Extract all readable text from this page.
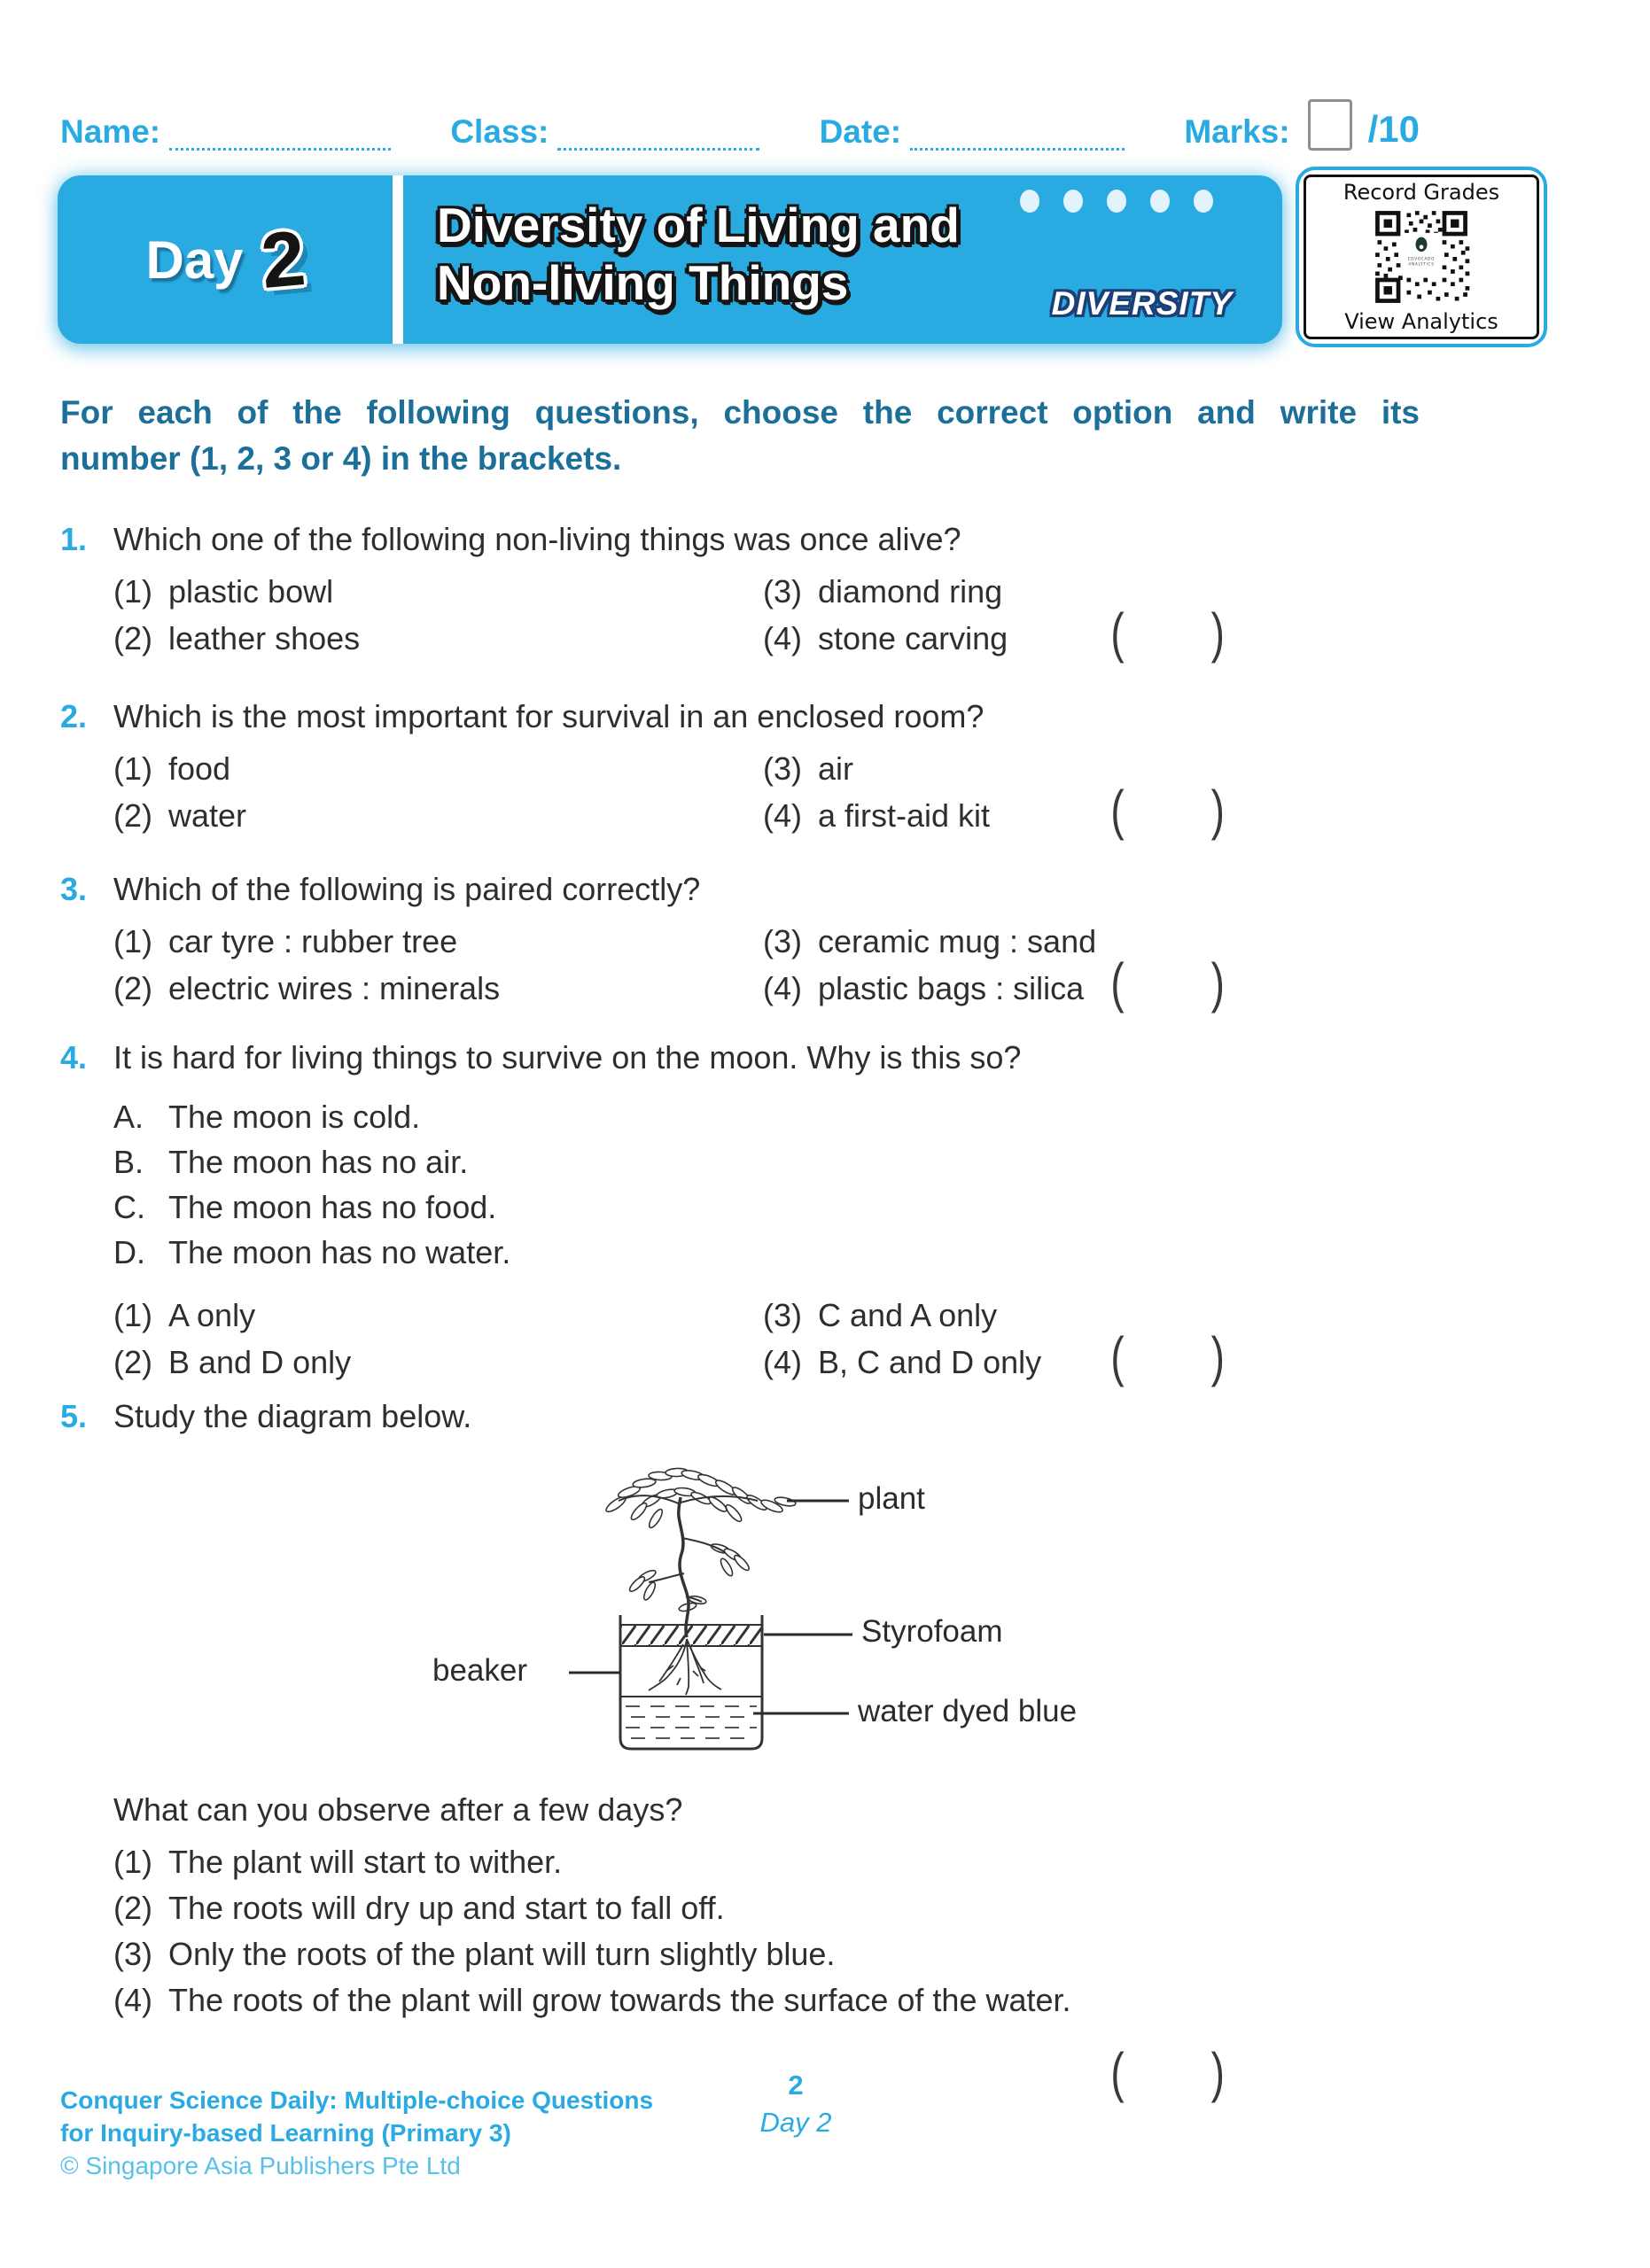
Name:	Class:	Date:	Marks: /10
Day 2	Diversity of Living and
Non-living Things	DIVERSITY
Record Grades
EDVOCADO
ANALYTICS
View Analytics
For each of the following questions, choose the correct option and write its
number (1, 2, 3 or 4) in the brackets.
1. Which one of the following non-living things was once alive?
(1) plastic bowl	(3) diamond ring
(2) leather shoes	(4) stone carving	( )
2. Which is the most important for survival in an enclosed room?
(1) food	(3) air
(2) water	(4) a first-aid kit	( )
3. Which of the following is paired correctly?
(1) car tyre : rubber tree	(3) ceramic mug : sand
(2) electric wires : minerals	(4) plastic bags : silica ( )
4. It is hard for living things to survive on the moon. Why is this so?
A. The moon is cold.
B. The moon has no air.
C. The moon has no food.
D. The moon has no water.
(1) A only	(3) C and A only
(2) B and D only	(4) B, C and D only ( )
5. Study the diagram below.
plant
Styrofoam
beaker
water dyed blue
What can you observe after a few days?
(1) The plant will start to wither.
(2) The roots will dry up and start to fall off.
(3) Only the roots of the plant will turn slightly blue.
(4) The roots of the plant will grow towards the surface of the water.
( )
Conquer Science Daily: Multiple-choice Questions
for Inquiry-based Learning (Primary 3)
© Singapore Asia Publishers Pte Ltd
2
Day 2
